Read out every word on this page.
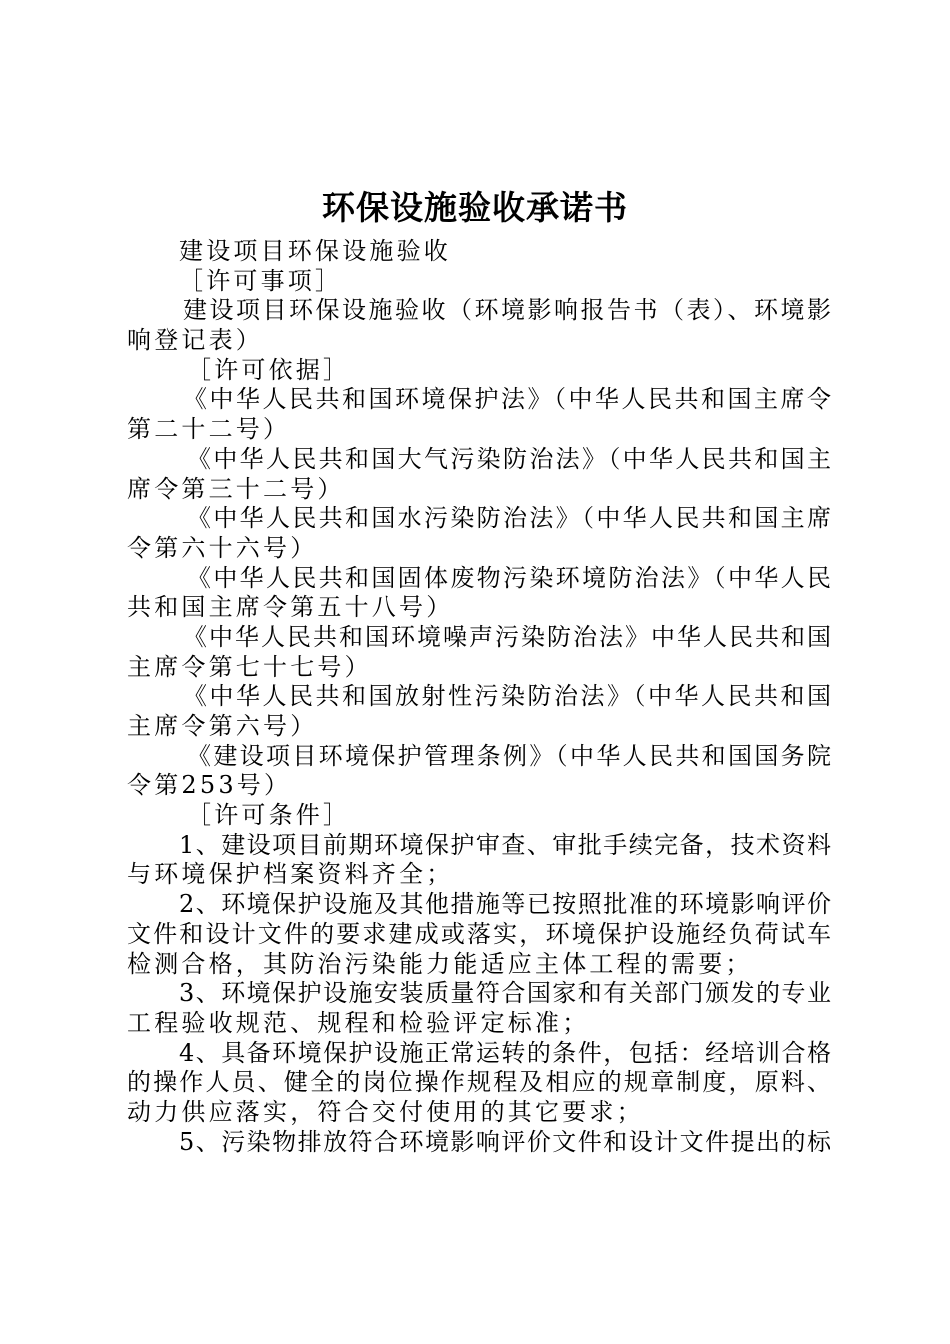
环保设施验收承诺书
建设项目环保设施验收
［许可事项］
建设项目环保设施验收（环境影响报告书（表）、环境影
响登记表）
［许可依据］
《中华人民共和国环境保护法》（中华人民共和国主席令
第二十二号）
《中华人民共和国大气污染防治法》（中华人民共和国主
席令第三十二号）
《中华人民共和国水污染防治法》（中华人民共和国主席
令第六十六号）
《中华人民共和国固体废物污染环境防治法》（中华人民
共和国主席令第五十八号）
《中华人民共和国环境噪声污染防治法》中华人民共和国
主席令第七十七号）
《中华人民共和国放射性污染防治法》（中华人民共和国
主席令第六号）
《建设项目环境保护管理条例》（中华人民共和国国务院
令第253号）
［许可条件］
1、建设项目前期环境保护审查、审批手续完备，技术资料
与环境保护档案资料齐全；
2、环境保护设施及其他措施等已按照批准的环境影响评价
文件和设计文件的要求建成或落实，环境保护设施经负荷试车
检测合格，其防治污染能力能适应主体工程的需要；
3、环境保护设施安装质量符合国家和有关部门颁发的专业
工程验收规范、规程和检验评定标准；
4、具备环境保护设施正常运转的条件，包括：经培训合格
的操作人员、健全的岗位操作规程及相应的规章制度，原料、
动力供应落实，符合交付使用的其它要求；
5、污染物排放符合环境影响评价文件和设计文件提出的标
